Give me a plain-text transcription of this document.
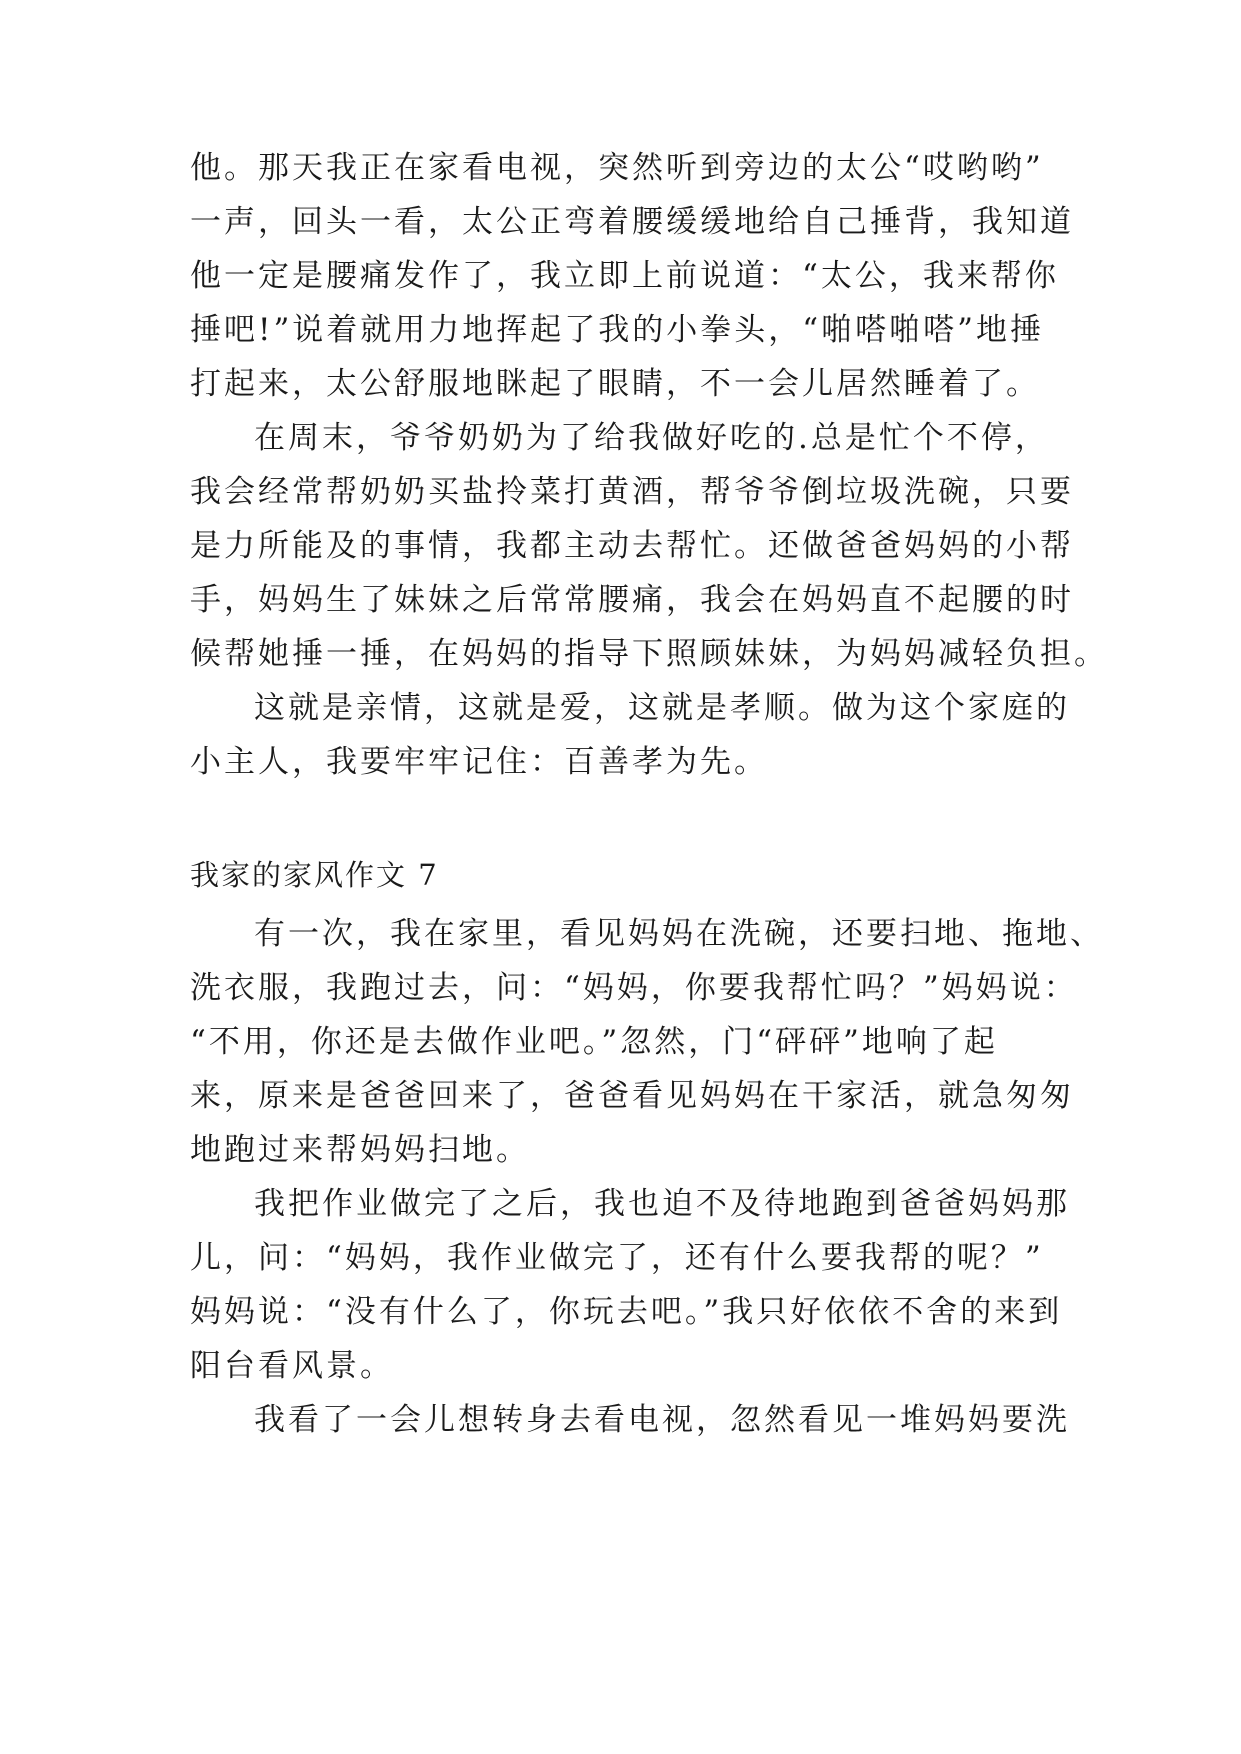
他。那天我正在家看电视，突然听到旁边的太公“哎哟哟”
一声，回头一看，太公正弯着腰缓缓地给自己捶背，我知道
他一定是腰痛发作了，我立即上前说道：“太公，我来帮你
捶吧!”说着就用力地挥起了我的小拳头，“啪嗒啪嗒”地捶
打起来，太公舒服地眯起了眼睛，不一会儿居然睡着了。
在周末，爷爷奶奶为了给我做好吃的.总是忙个不停，
我会经常帮奶奶买盐拎菜打黄酒，帮爷爷倒垃圾洗碗，只要
是力所能及的事情，我都主动去帮忙。还做爸爸妈妈的小帮
手，妈妈生了妹妹之后常常腰痛，我会在妈妈直不起腰的时
候帮她捶一捶，在妈妈的指导下照顾妹妹，为妈妈减轻负担。
这就是亲情，这就是爱，这就是孝顺。做为这个家庭的
小主人，我要牢牢记住：百善孝为先。
我家的家风作文 7
有一次，我在家里，看见妈妈在洗碗，还要扫地、拖地、
洗衣服，我跑过去，问：“妈妈，你要我帮忙吗？”妈妈说：
“不用，你还是去做作业吧。”忽然，门“砰砰”地响了起
来，原来是爸爸回来了，爸爸看见妈妈在干家活，就急匆匆
地跑过来帮妈妈扫地。
我把作业做完了之后，我也迫不及待地跑到爸爸妈妈那
儿，问：“妈妈，我作业做完了，还有什么要我帮的呢？”
妈妈说：“没有什么了，你玩去吧。”我只好依依不舍的来到
阳台看风景。
我看了一会儿想转身去看电视，忽然看见一堆妈妈要洗
